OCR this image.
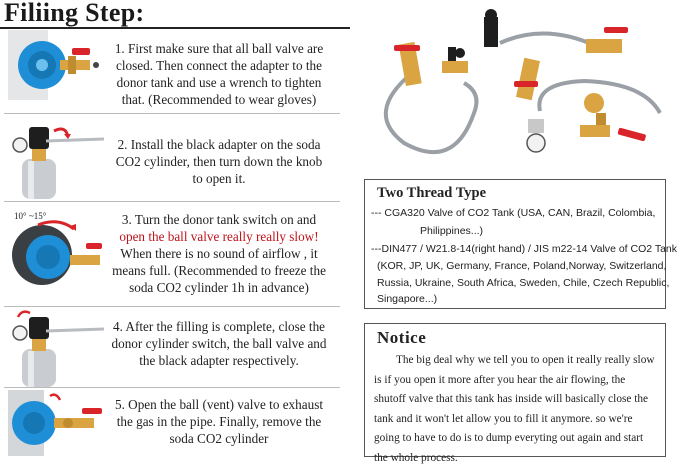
Filiing Step:
1. First make sure that all ball valve are closed. Then connect the adapter to the donor tank and use a wrench to tighten that. (Recommended to wear gloves)
2. Install the black adapter on the soda CO2 cylinder, then turn down the knob to open it.
10° ~15°	3. Turn the donor tank switch on and open the ball valve really really slow! When there is no sound of airflow , it means full. (Recommended to freeze the soda CO2 cylinder 1h in advance)
4. After the filling is complete, close the donor cylinder switch, the ball valve and the black adapter respectively.
5. Open the ball (vent) valve to exhaust the gas in the pipe. Finally, remove the soda CO2 cylinder
Two Thread Type
--- CGA320 Valve of CO2 Tank (USA, CAN, Brazil, Colombia,
Philippines...)
---DIN477 / W21.8-14(right hand) / JIS m22-14 Valve of CO2 Tank
(KOR, JP, UK, Germany, France, Poland,Norway, Switzerland,
Russia, Ukraine, South Africa, Sweden, Chile, Czech Republic,
Singapore...)
Notice
The big deal why we tell you to open it really really slow is if you open it more after you hear the air flowing, the shutoff valve that this tank has inside will basically close the tank and it won't let allow you to fill it anymore. so we're going to have to do is to dump everyting out again and start the whole process.
